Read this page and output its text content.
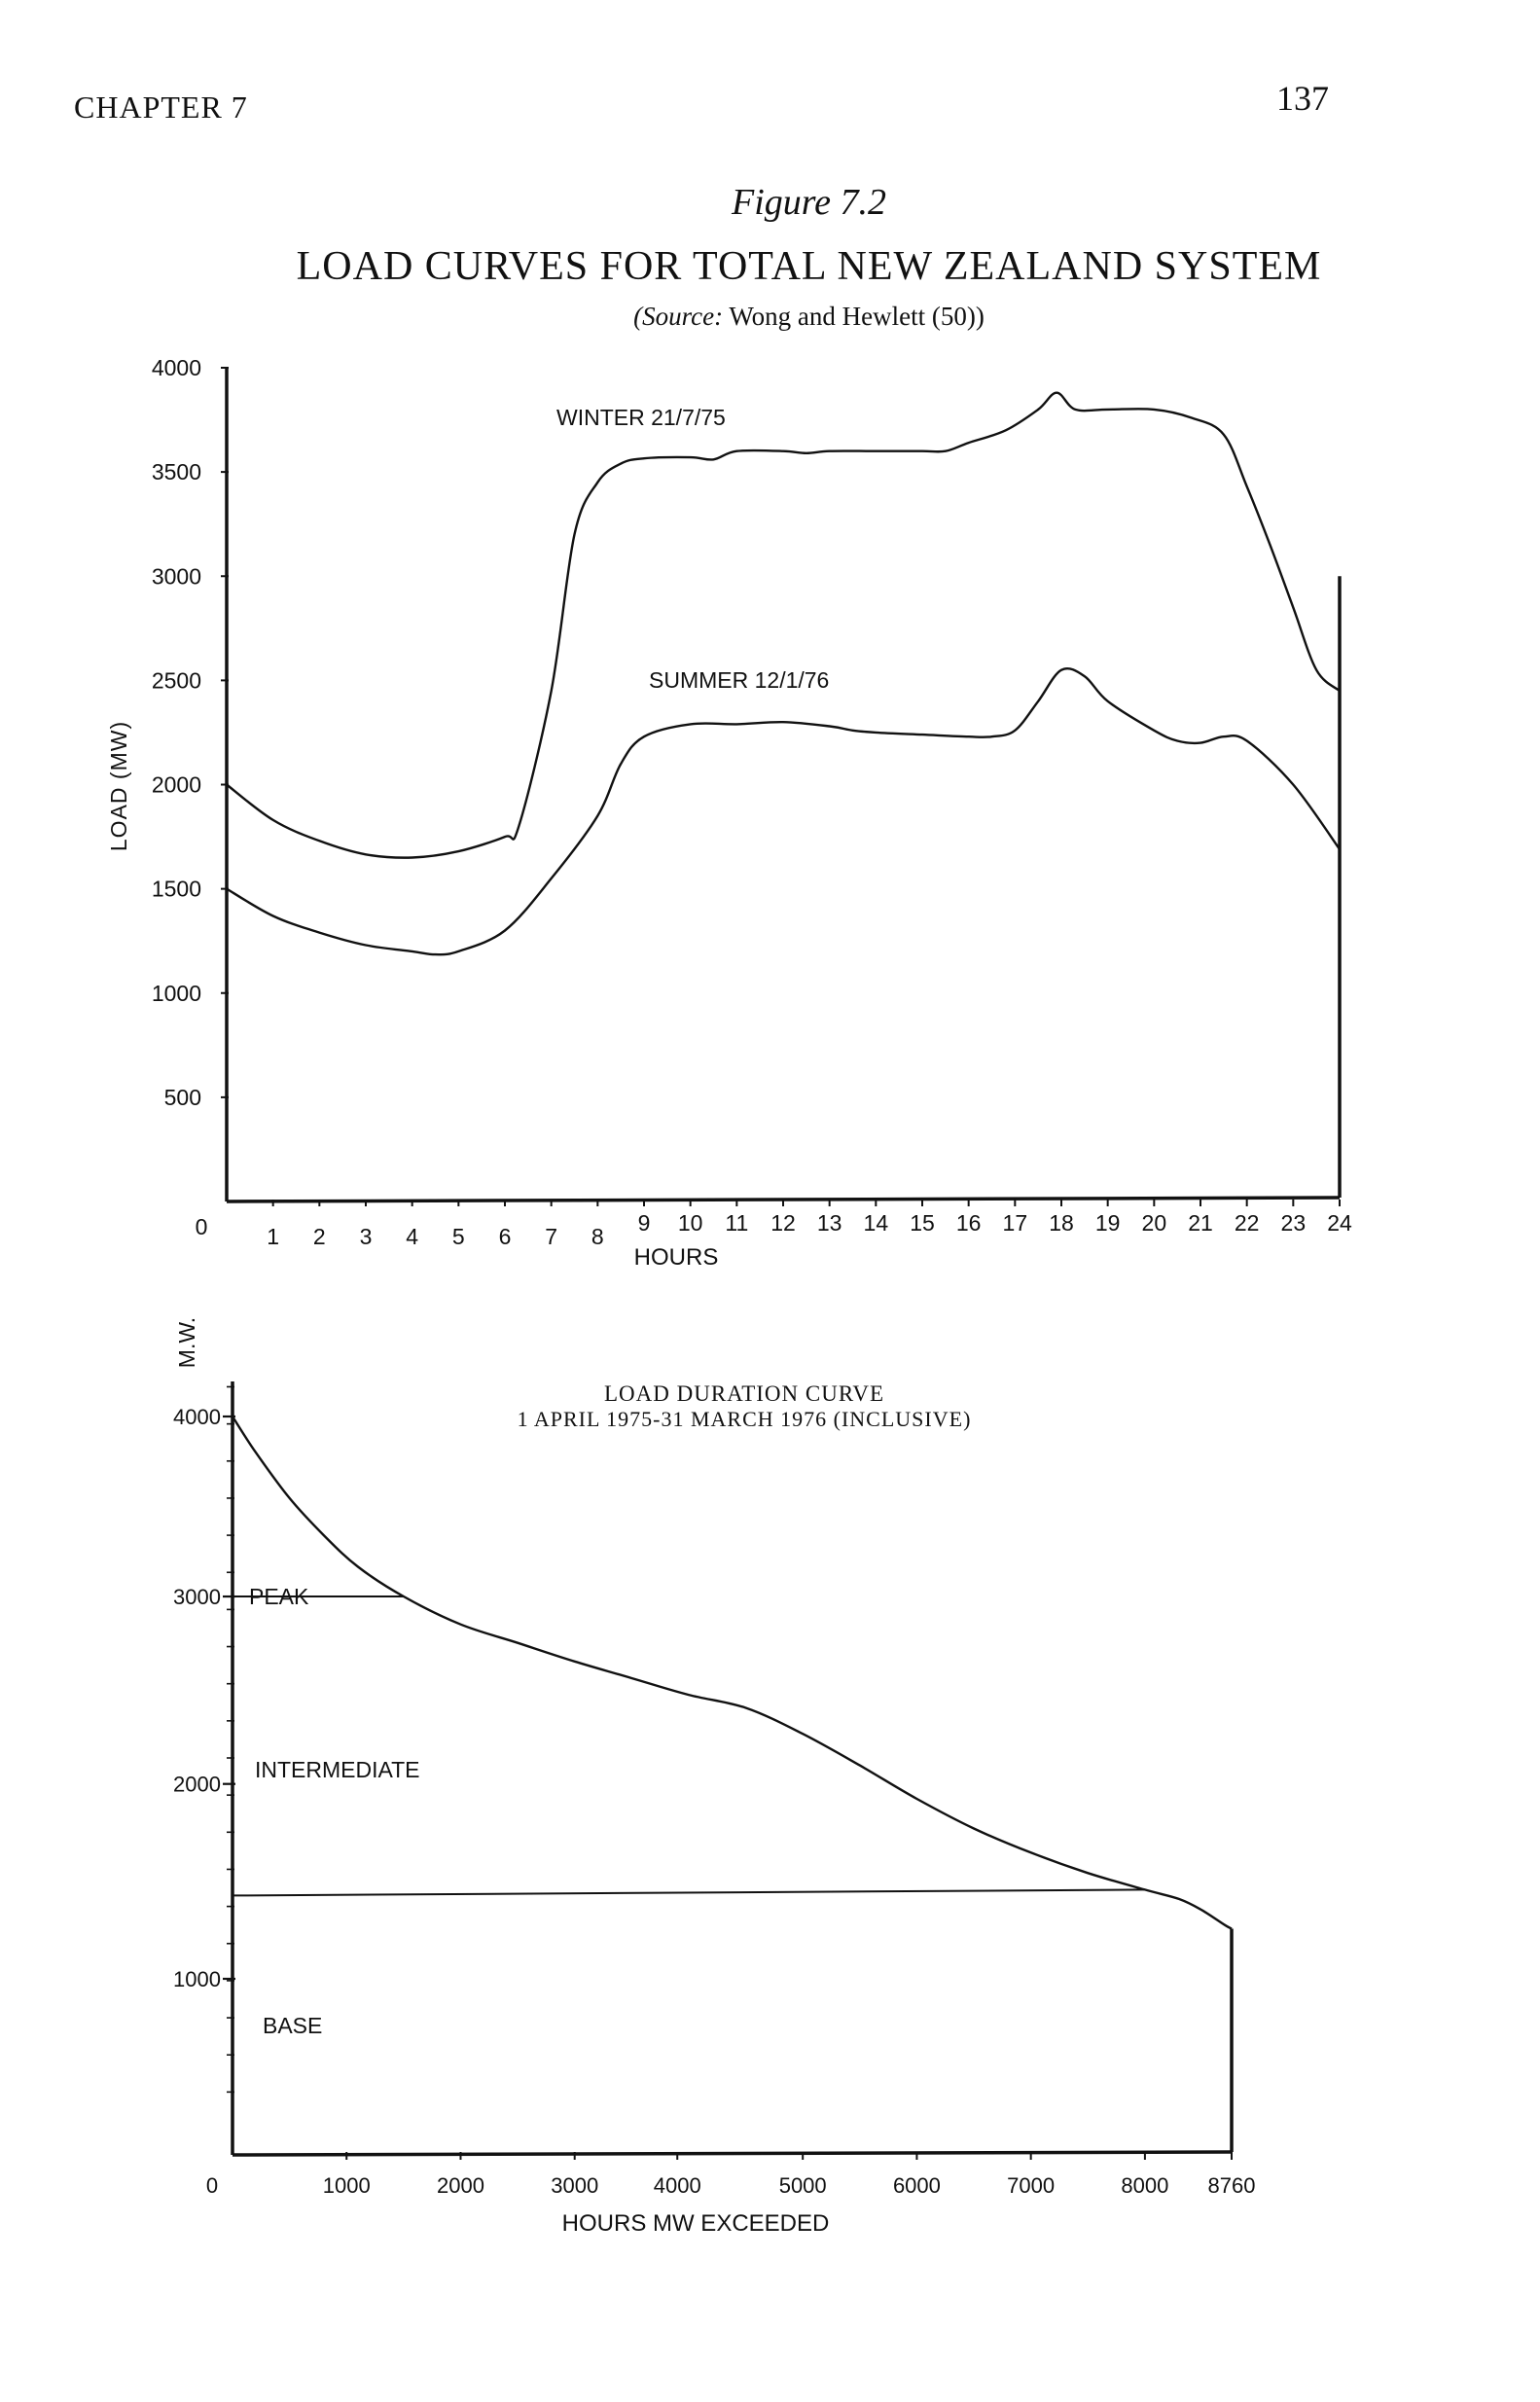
CHAPTER 7	137
Figure 7.2
LOAD CURVES FOR TOTAL NEW ZEALAND SYSTEM
(Source: Wong and Hewlett (50))
4000
3500
3000
2500
2000
1500
1000
500
0	1 2 3 4 5 6 7 8
9 10 11 12 13 14 15 16 17 18 19 20 21 22 23 24
HOURS
LOAD (MW)
WINTER 21/7/75
SUMMER 12/1/76
4000
3000
2000
1000
0	1000	2000	3000	4000	5000	6000	7000	8000 8760
HOURS MW EXCEEDED
M.W.
LOAD DURATION CURVE
1 APRIL 1975-31 MARCH 1976 (INCLUSIVE)
PEAK
INTERMEDIATE
BASE
